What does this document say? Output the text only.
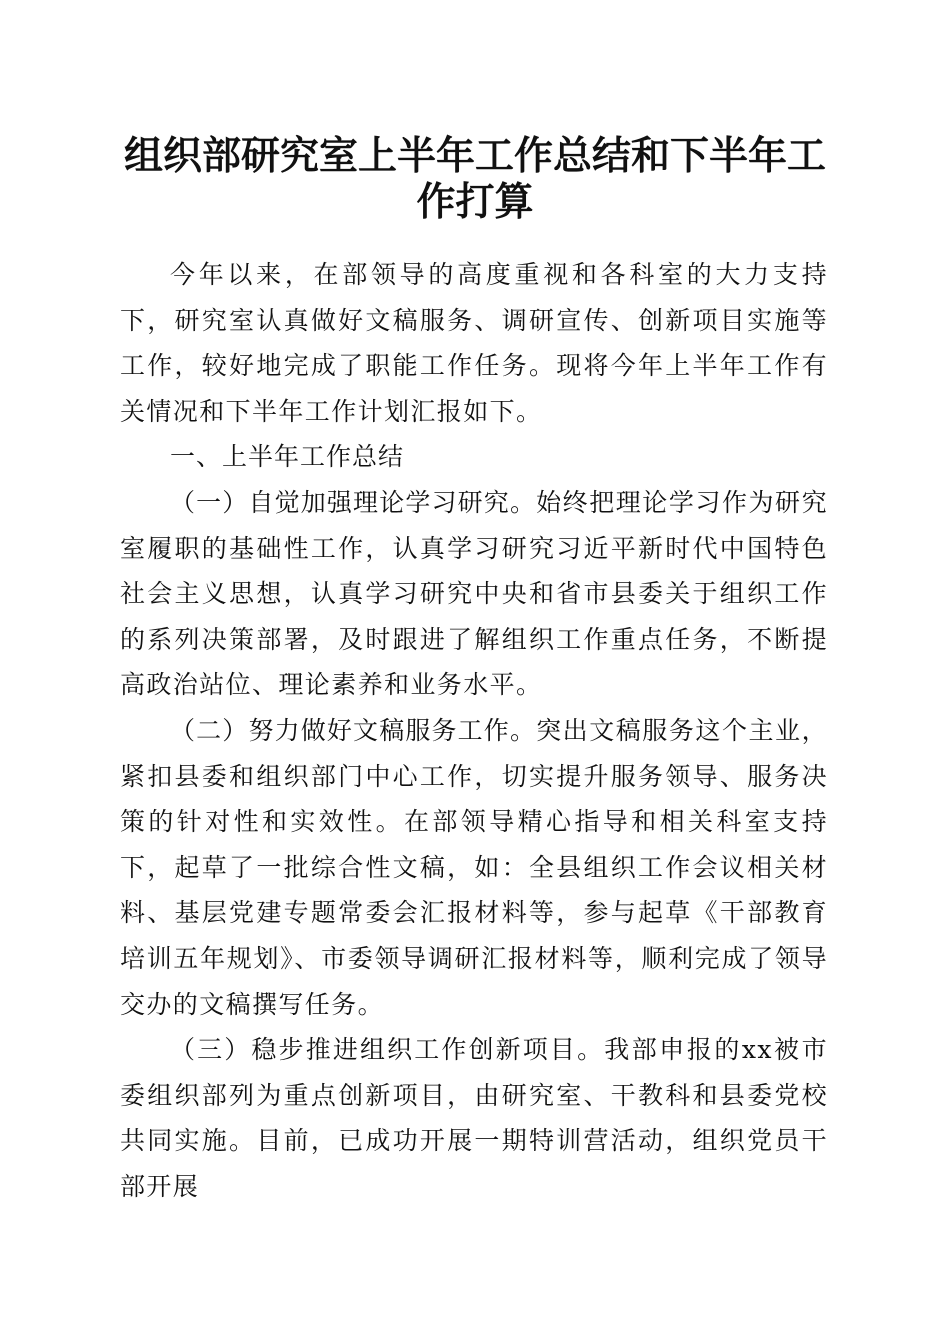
组织部研究室上半年工作总结和下半年工作打算

今年以来，在部领导的高度重视和各科室的大力支持下，研究室认真做好文稿服务、调研宣传、创新项目实施等工作，较好地完成了职能工作任务。现将今年上半年工作有关情况和下半年工作计划汇报如下。

一、上半年工作总结

（一）自觉加强理论学习研究。始终把理论学习作为研究室履职的基础性工作，认真学习研究习近平新时代中国特色社会主义思想，认真学习研究中央和省市县委关于组织工作的系列决策部署，及时跟进了解组织工作重点任务，不断提高政治站位、理论素养和业务水平。

（二）努力做好文稿服务工作。突出文稿服务这个主业，紧扣县委和组织部门中心工作，切实提升服务领导、服务决策的针对性和实效性。在部领导精心指导和相关科室支持下，起草了一批综合性文稿，如：全县组织工作会议相关材料、基层党建专题常委会汇报材料等，参与起草《干部教育培训五年规划》、市委领导调研汇报材料等，顺利完成了领导交办的文稿撰写任务。

（三）稳步推进组织工作创新项目。我部申报的xx被市委组织部列为重点创新项目，由研究室、干教科和县委党校共同实施。目前，已成功开展一期特训营活动，组织党员干部开展
